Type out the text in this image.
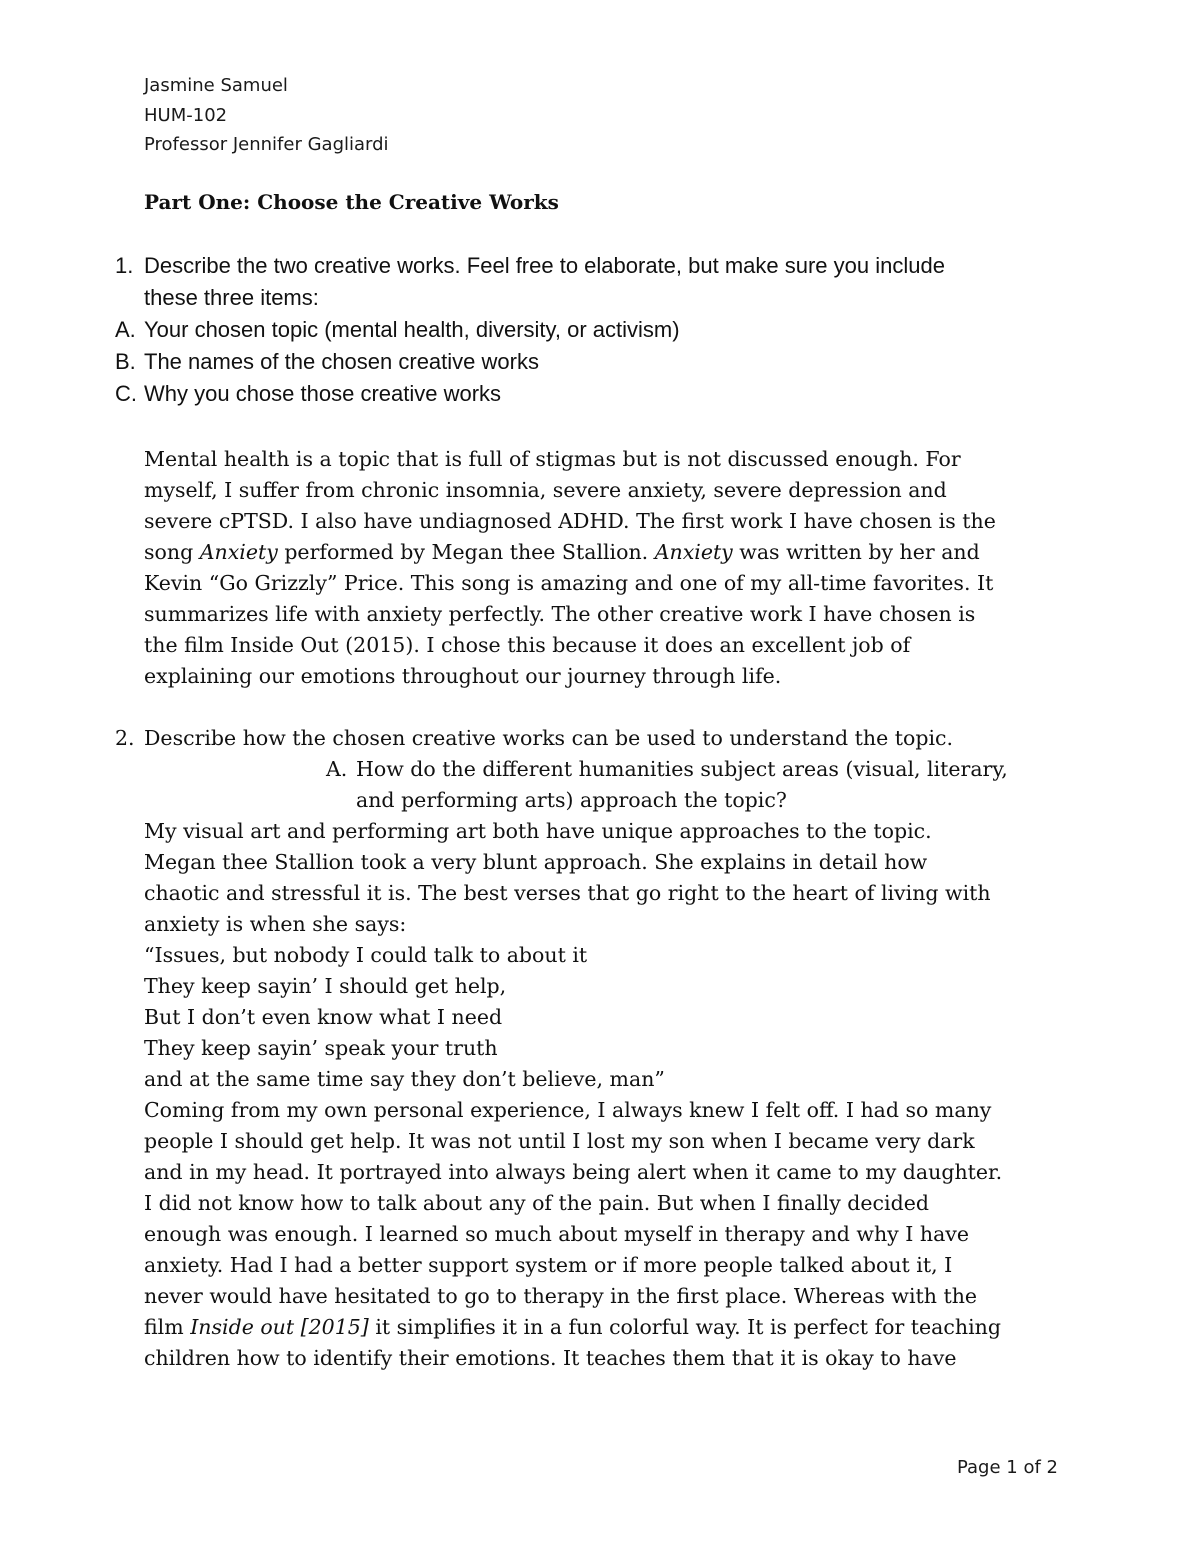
Jasmine Samuel
HUM-102
Professor Jennifer Gagliardi
Part One: Choose the Creative Works
1. Describe the two creative works. Feel free to elaborate, but make sure you include
these three items:
A. Your chosen topic (mental health, diversity, or activism)
B. The names of the chosen creative works
C. Why you chose those creative works
Mental health is a topic that is full of stigmas but is not discussed enough. For
myself, I suffer from chronic insomnia, severe anxiety, severe depression and
severe cPTSD. I also have undiagnosed ADHD. The first work I have chosen is the
song Anxiety performed by Megan thee Stallion. Anxiety was written by her and
Kevin “Go Grizzly” Price. This song is amazing and one of my all-time favorites. It
summarizes life with anxiety perfectly. The other creative work I have chosen is
the film Inside Out (2015). I chose this because it does an excellent job of
explaining our emotions throughout our journey through life.
2. Describe how the chosen creative works can be used to understand the topic.
A. How do the different humanities subject areas (visual, literary,
and performing arts) approach the topic?
My visual art and performing art both have unique approaches to the topic.
Megan thee Stallion took a very blunt approach. She explains in detail how
chaotic and stressful it is. The best verses that go right to the heart of living with
anxiety is when she says:
“Issues, but nobody I could talk to about it
They keep sayin’ I should get help,
But I don’t even know what I need
They keep sayin’ speak your truth
and at the same time say they don’t believe, man”
Coming from my own personal experience, I always knew I felt off. I had so many
people I should get help. It was not until I lost my son when I became very dark
and in my head. It portrayed into always being alert when it came to my daughter.
I did not know how to talk about any of the pain. But when I finally decided
enough was enough. I learned so much about myself in therapy and why I have
anxiety. Had I had a better support system or if more people talked about it, I
never would have hesitated to go to therapy in the first place. Whereas with the
film Inside out [2015] it simplifies it in a fun colorful way. It is perfect for teaching
children how to identify their emotions. It teaches them that it is okay to have
Page 1 of 2
